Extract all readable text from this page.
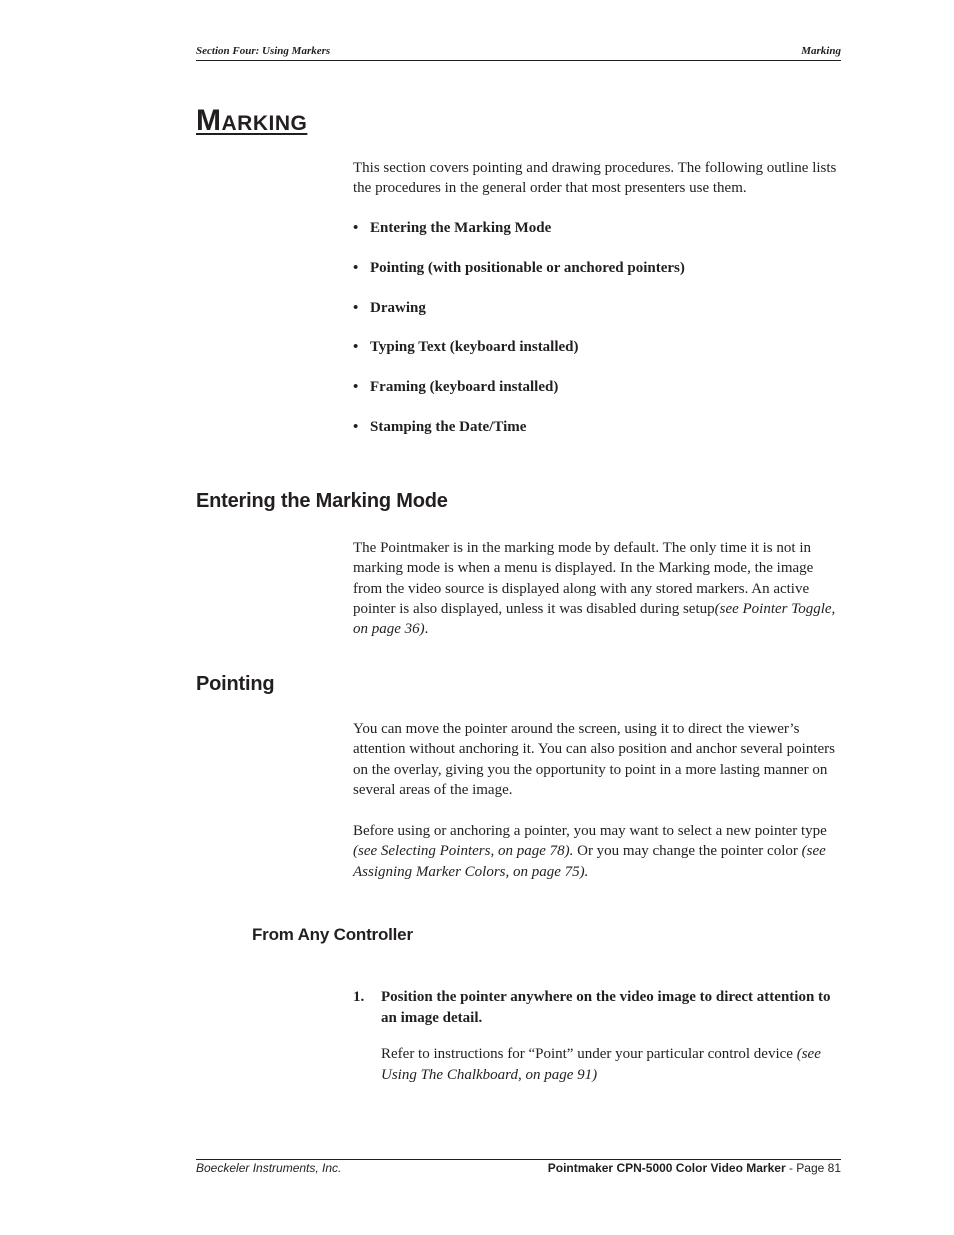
Section Four: Using Markers	Marking
MARKING

This section covers pointing and drawing procedures. The following outline lists the procedures in the general order that most presenters use them.

• Entering the Marking Mode
• Pointing (with positionable or anchored pointers)
• Drawing
• Typing Text (keyboard installed)
• Framing (keyboard installed)
• Stamping the Date/Time
Entering the Marking Mode

The Pointmaker is in the marking mode by default. The only time it is not in marking mode is when a menu is displayed. In the Marking mode, the image from the video source is displayed along with any stored markers. An active pointer is also displayed, unless it was disabled during setup(see Pointer Toggle, on page 36).

Pointing

You can move the pointer around the screen, using it to direct the viewer’s attention without anchoring it. You can also position and anchor several pointers on the overlay, giving you the opportunity to point in a more lasting manner on several areas of the image.

Before using or anchoring a pointer, you may want to select a new pointer type (see Selecting Pointers, on page 78). Or you may change the pointer color (see Assigning Marker Colors, on page 75).

From Any Controller
1. Position the pointer anywhere on the video image to direct attention to an image detail.

Refer to instructions for “Point” under your particular control device (see Using The Chalkboard, on page 91)

Boeckeler Instruments, Inc.	Pointmaker CPN-5000 Color Video Marker - Page 81
